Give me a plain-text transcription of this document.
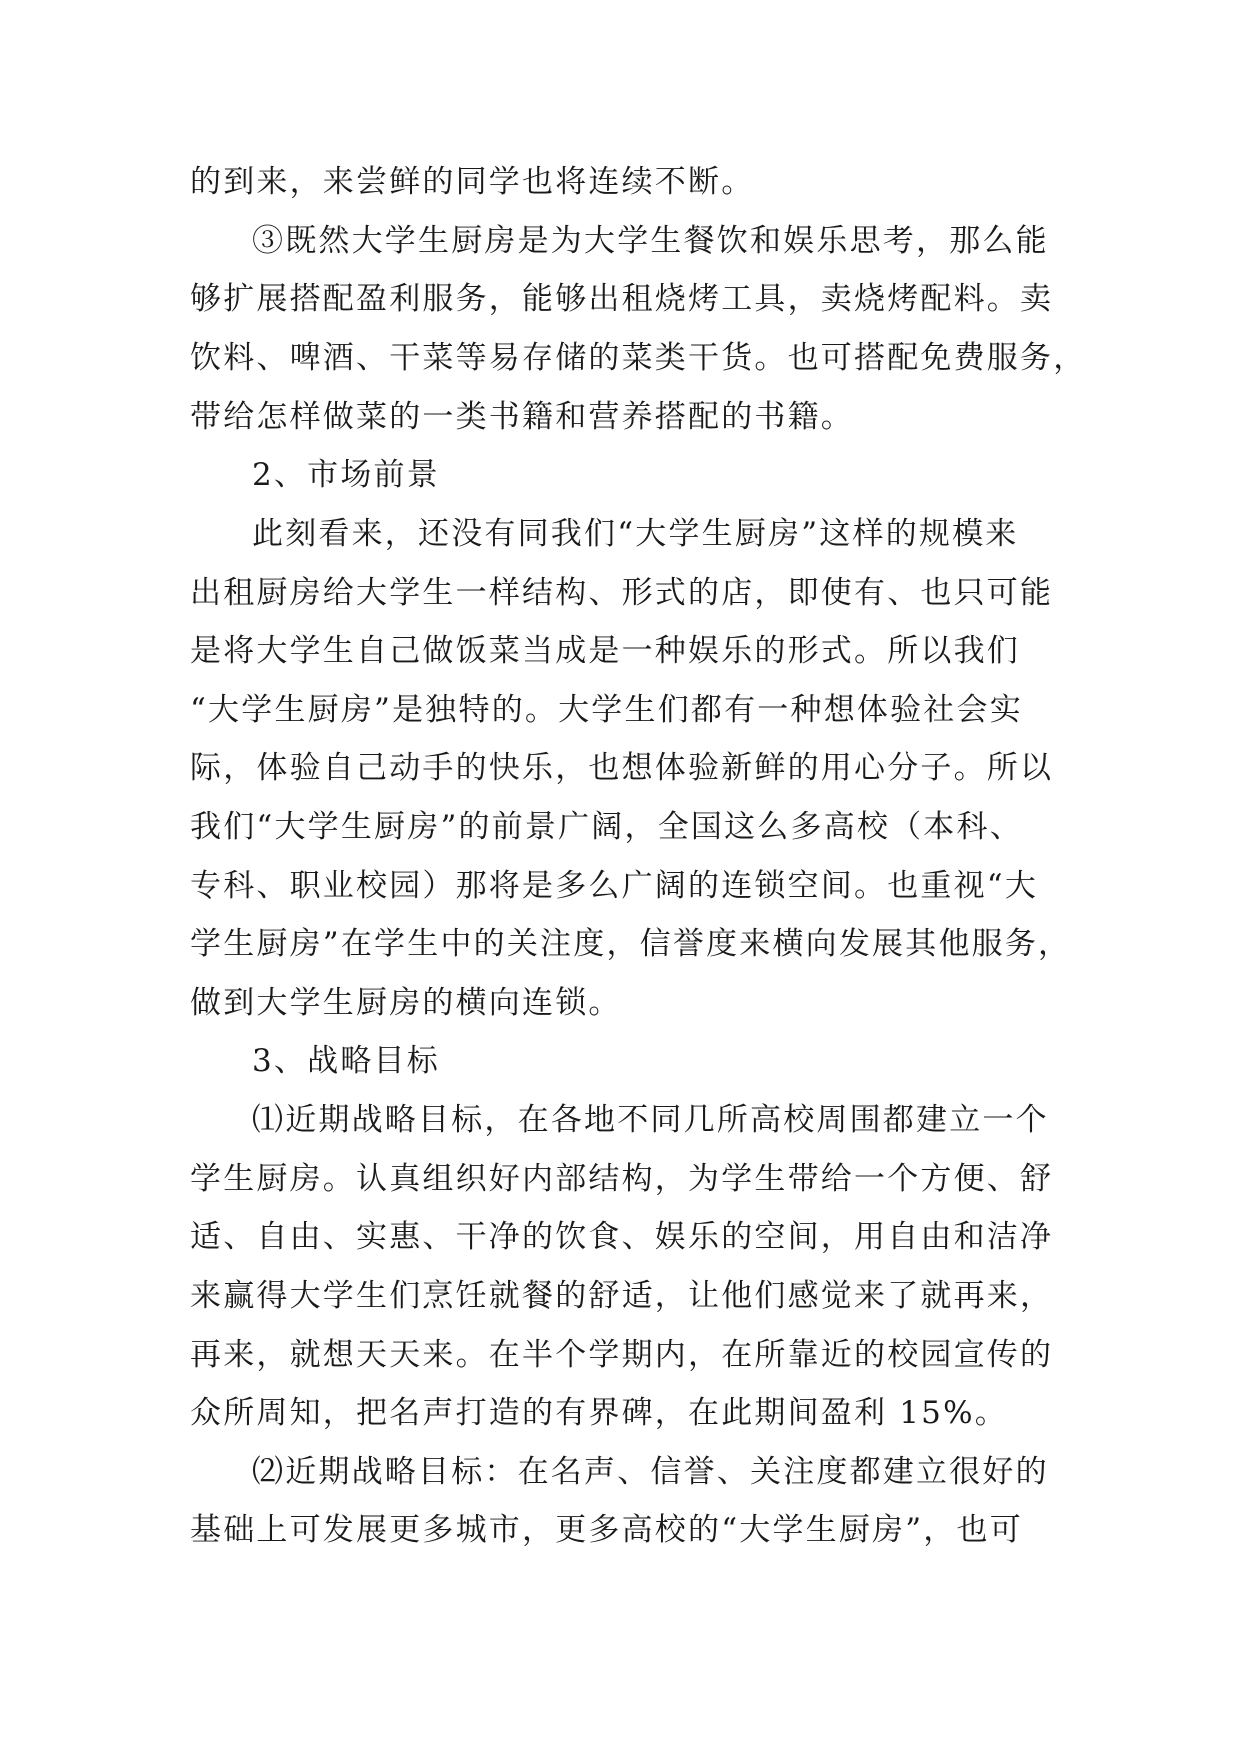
的到来，来尝鲜的同学也将连续不断。

③既然大学生厨房是为大学生餐饮和娱乐思考，那么能

够扩展搭配盈利服务，能够出租烧烤工具，卖烧烤配料。卖

饮料、啤酒、干菜等易存储的菜类干货。也可搭配免费服务，

带给怎样做菜的一类书籍和营养搭配的书籍。

2、市场前景

此刻看来，还没有同我们“大学生厨房”这样的规模来

出租厨房给大学生一样结构、形式的店，即使有、也只可能

是将大学生自己做饭菜当成是一种娱乐的形式。所以我们

“大学生厨房”是独特的。大学生们都有一种想体验社会实

际，体验自己动手的快乐，也想体验新鲜的用心分子。所以

我们“大学生厨房”的前景广阔，全国这么多高校（本科、

专科、职业校园）那将是多么广阔的连锁空间。也重视“大

学生厨房”在学生中的关注度，信誉度来横向发展其他服务，

做到大学生厨房的横向连锁。

3、战略目标

⑴近期战略目标，在各地不同几所高校周围都建立一个

学生厨房。认真组织好内部结构，为学生带给一个方便、舒

适、自由、实惠、干净的饮食、娱乐的空间，用自由和洁净

来赢得大学生们烹饪就餐的舒适，让他们感觉来了就再来，

再来，就想天天来。在半个学期内，在所靠近的校园宣传的

众所周知，把名声打造的有界碑，在此期间盈利 15%。

⑵近期战略目标：在名声、信誉、关注度都建立很好的

基础上可发展更多城市，更多高校的“大学生厨房”，也可
